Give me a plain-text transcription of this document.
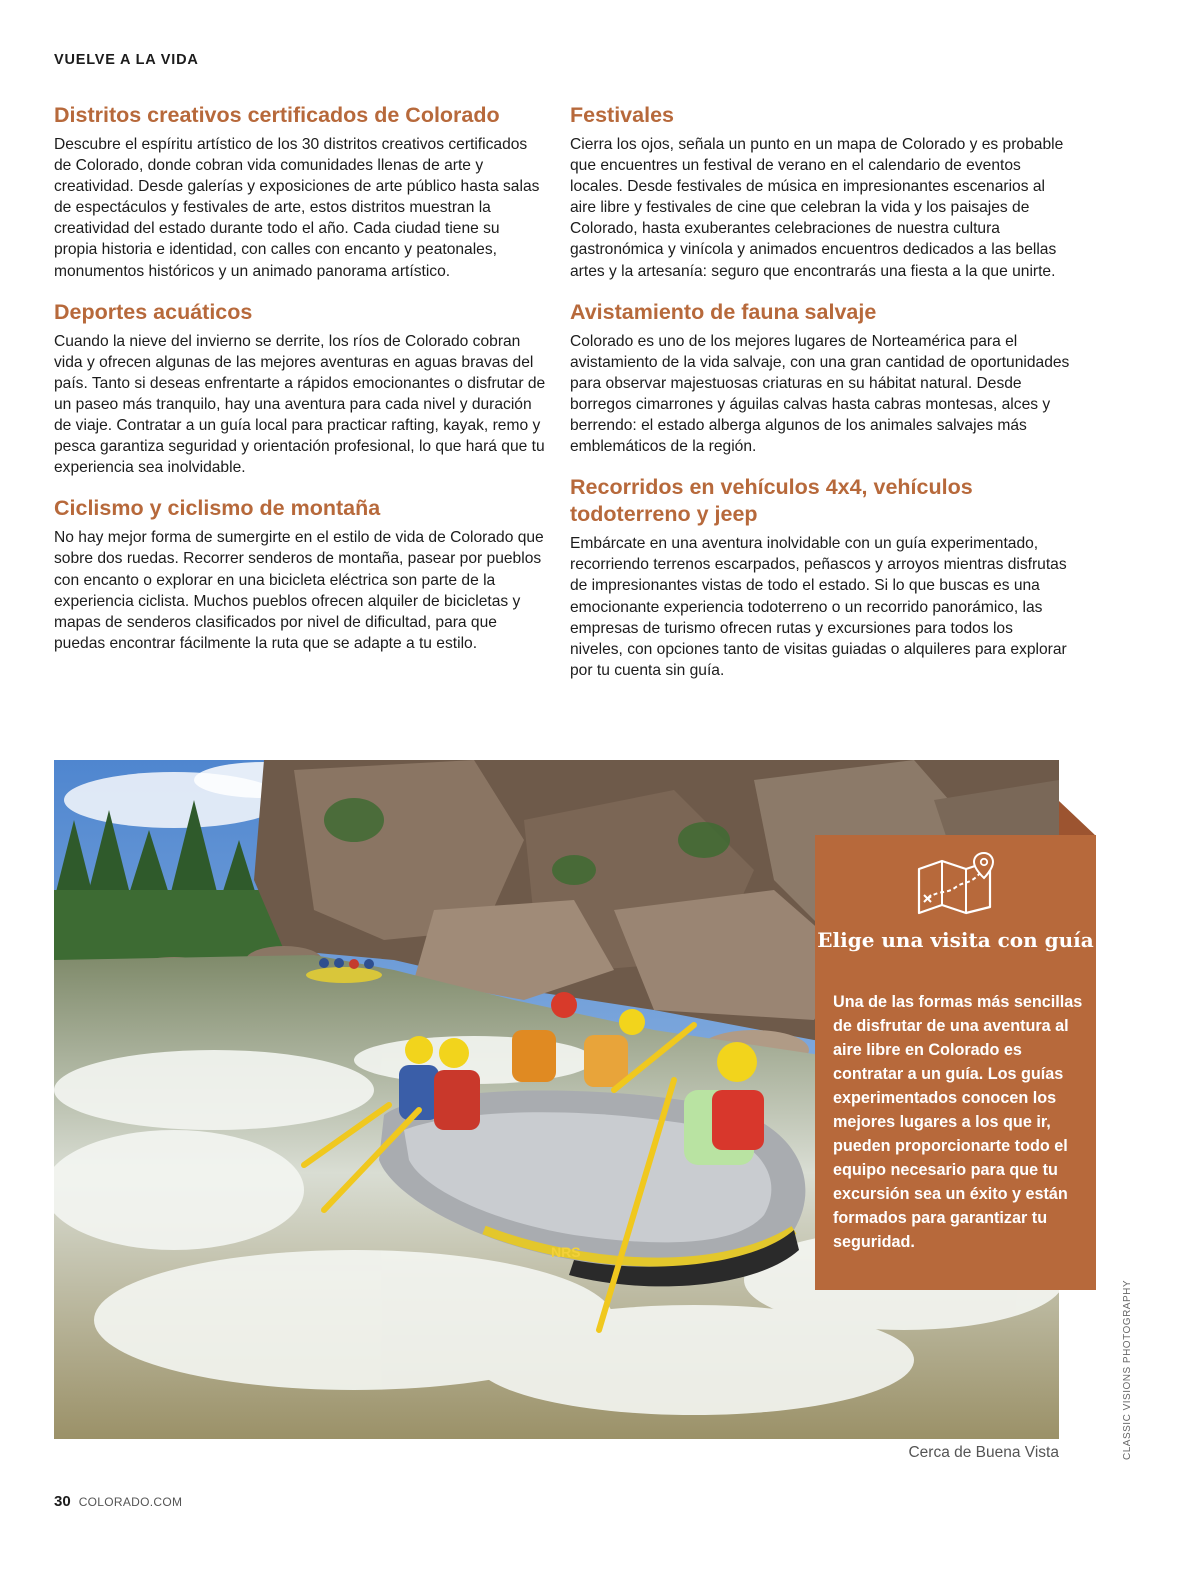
VUELVE A LA VIDA
Distritos creativos certificados de Colorado

Descubre el espíritu artístico de los 30 distritos creativos certificados de Colorado, donde cobran vida comunidades llenas de arte y creatividad. Desde galerías y exposiciones de arte público hasta salas de espectáculos y festivales de arte, estos distritos muestran la creatividad del estado durante todo el año. Cada ciudad tiene su propia historia e identidad, con calles con encanto y peatonales, monumentos históricos y un animado panorama artístico.

Deportes acuáticos

Cuando la nieve del invierno se derrite, los ríos de Colorado cobran vida y ofrecen algunas de las mejores aventuras en aguas bravas del país. Tanto si deseas enfrentarte a rápidos emocionantes o disfrutar de un paseo más tranquilo, hay una aventura para cada nivel y duración de viaje. Contratar a un guía local para practicar rafting, kayak, remo y pesca garantiza seguridad y orientación profesional, lo que hará que tu experiencia sea inolvidable.

Ciclismo y ciclismo de montaña

No hay mejor forma de sumergirte en el estilo de vida de Colorado que sobre dos ruedas. Recorrer senderos de montaña, pasear por pueblos con encanto o explorar en una bicicleta eléctrica son parte de la experiencia ciclista. Muchos pueblos ofrecen alquiler de bicicletas y mapas de senderos clasificados por nivel de dificultad, para que puedas encontrar fácilmente la ruta que se adapte a tu estilo.

Festivales

Cierra los ojos, señala un punto en un mapa de Colorado y es probable que encuentres un festival de verano en el calendario de eventos locales. Desde festivales de música en impresionantes escenarios al aire libre y festivales de cine que celebran la vida y los paisajes de Colorado, hasta exuberantes celebraciones de nuestra cultura gastronómica y vinícola y animados encuentros dedicados a las bellas artes y la artesanía: seguro que encontrarás una fiesta a la que unirte.

Avistamiento de fauna salvaje

Colorado es uno de los mejores lugares de Norteamérica para el avistamiento de la vida salvaje, con una gran cantidad de oportunidades para observar majestuosas criaturas en su hábitat natural. Desde borregos cimarrones y águilas calvas hasta cabras montesas, alces y berrendo: el estado alberga algunos de los animales salvajes más emblemáticos de la región.

Recorridos en vehículos 4x4, vehículos todoterreno y jeep

Embárcate en una aventura inolvidable con un guía experimentado, recorriendo terrenos escarpados, peñascos y arroyos mientras disfrutas de impresionantes vistas de todo el estado. Si lo que buscas es una emocionante experiencia todoterreno o un recorrido panorámico, las empresas de turismo ofrecen rutas y excursiones para todos los niveles, con opciones tanto de visitas guiadas o alquileres para explorar por tu cuenta sin guía.

NRS
Elige una visita con guía

Una de las formas más sencillas de disfrutar de una aventura al aire libre en Colorado es contratar a un guía. Los guías experimentados conocen los mejores lugares a los que ir, pueden proporcionarte todo el equipo necesario para que tu excursión sea un éxito y están formados para garantizar tu seguridad.

Cerca de Buena Vista	CLASSIC VISIONS PHOTOGRAPHY
30 COLORADO.COM
